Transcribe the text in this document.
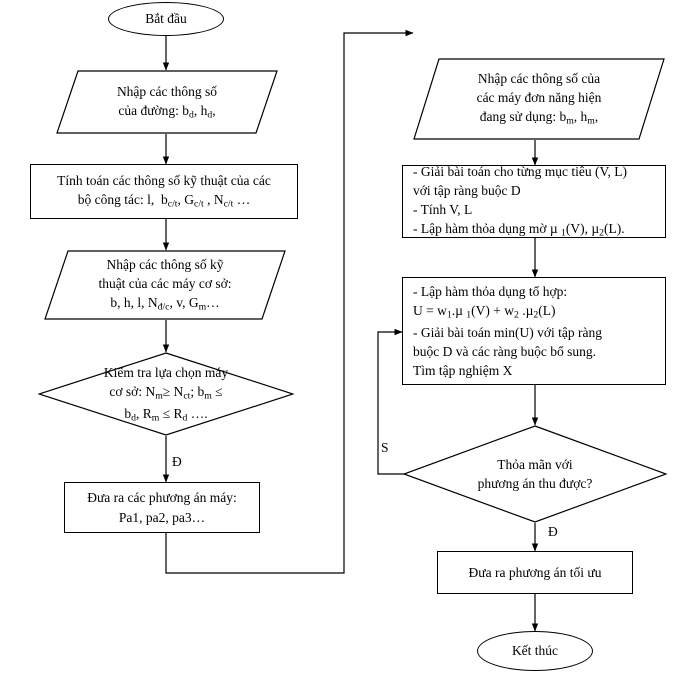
Bắt đầu
Nhập các thông số
của đường: $b_d$, $h_d$,
Tính toán các thông số kỹ thuật của các
bộ công tác: l,  $b_{c/t}$, $G_{c/t}$ , $N_{c/t}$ …
Nhập các thông số kỹ
thuật của các máy cơ sở:
b, h, l, $N_{đ/c}$, v, $G_m\dots$
Kiểm tra lựa chọn máy
cơ sở: $N_m\ge N_{ct}$; $b_m$ ≤
$b_d$, $R_m \le R_d$ ….
Đ
Đưa ra các phương án máy:
Pa1, pa2, pa3…
Nhập các thông số của
các máy đơn năng hiện
đang sử dụng: $b_m$, $h_m$,
- Giải bài toán cho từng mục tiêu (V, L)
với tập ràng buộc D
- Tính V, L
- Lập hàm thỏa dụng mờ µ $_1$(V), µ$_2$(L).
- Lập hàm thỏa dụng tổ hợp:
$U = w_1.\mu$ $_1(V) + w_2$ .µ$_2$(L)
- Giải bài toán min(U) với tập ràng
buộc D và các ràng buộc bổ sung.
Tìm tập nghiệm X
Thỏa mãn với
phương án thu được?
S
Đ
Đưa ra phương án tối ưu
Kết thúc
